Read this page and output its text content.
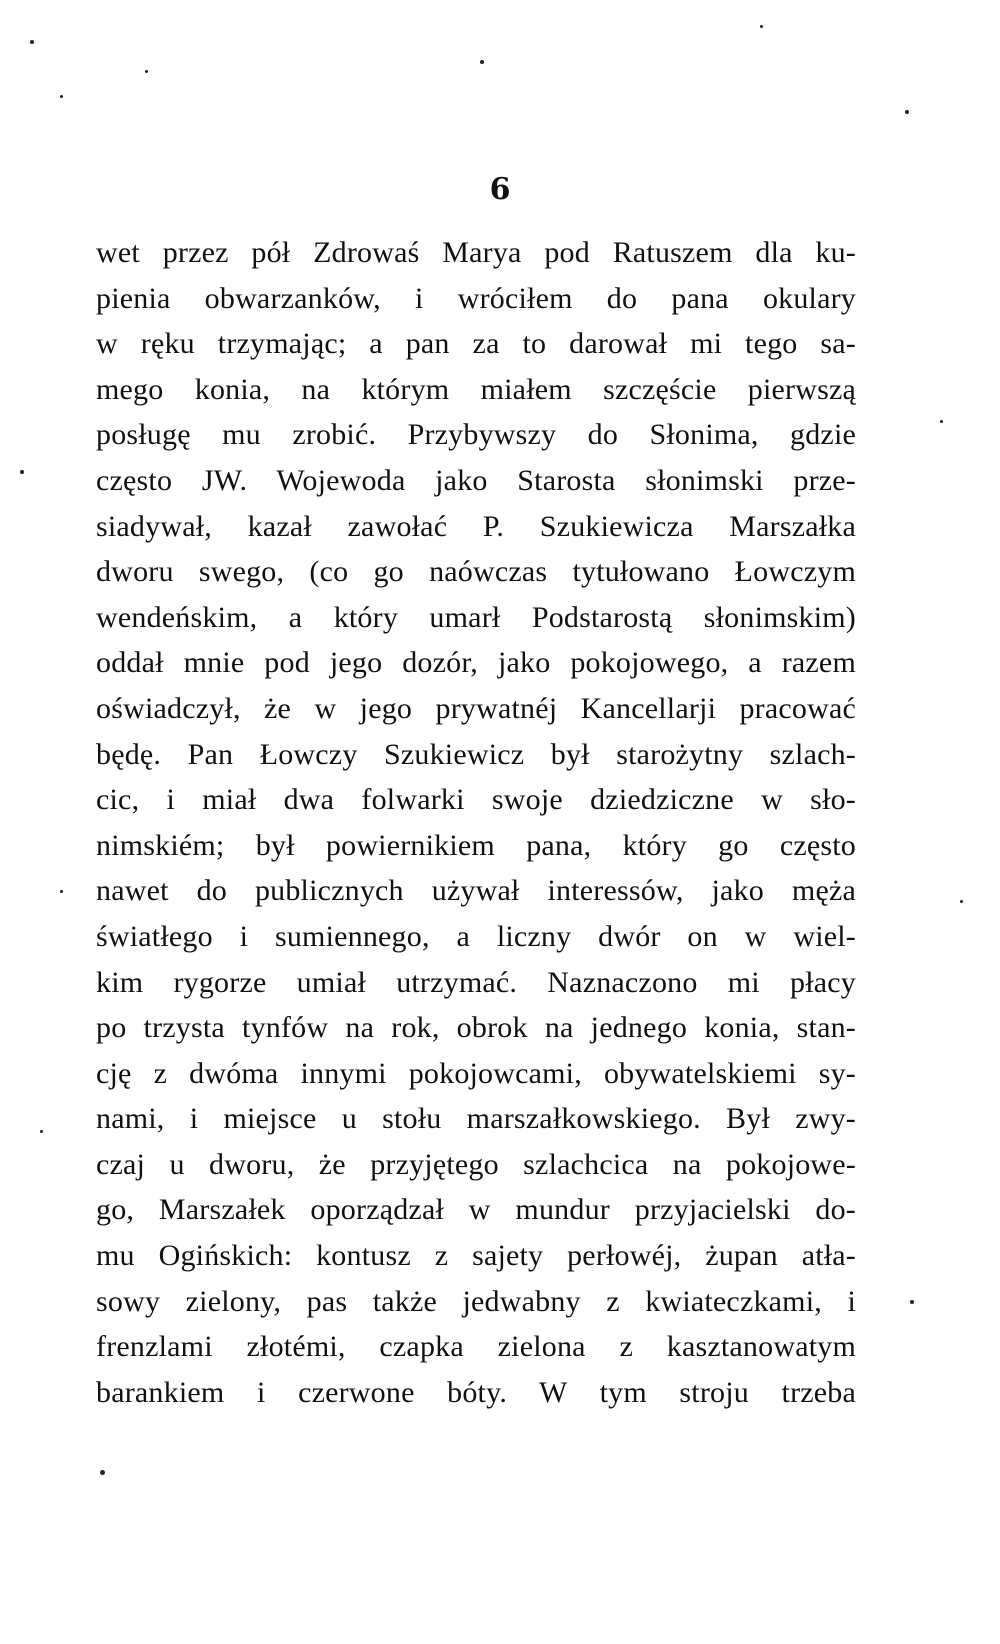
6
wet przez pół Zdrowaś Marya pod Ratuszem dla ku-
pienia obwarzanków, i wróciłem do pana okulary
w ręku trzymając; a pan za to darował mi tego sa-
mego konia, na którym miałem szczęście pierwszą
posługę mu zrobić. Przybywszy do Słonima, gdzie
często JW. Wojewoda jako Starosta słonimski prze-
siadywał, kazał zawołać P. Szukiewicza Marszałka
dworu swego, (co go naówczas tytułowano Łowczym
wendeńskim, a który umarł Podstarostą słonimskim)
oddał mnie pod jego dozór, jako pokojowego, a razem
oświadczył, że w jego prywatnéj Kancellarji pracować
będę. Pan Łowczy Szukiewicz był starożytny szlach-
cic, i miał dwa folwarki swoje dziedziczne w sło-
nimskiém; był powiernikiem pana, który go często
nawet do publicznych używał interessów, jako męża
światłego i sumiennego, a liczny dwór on w wiel-
kim rygorze umiał utrzymać. Naznaczono mi płacy
po trzysta tynfów na rok, obrok na jednego konia, stan-
cję z dwóma innymi pokojowcami, obywatelskiemi sy-
nami, i miejsce u stołu marszałkowskiego. Był zwy-
czaj u dworu, że przyjętego szlachcica na pokojowe-
go, Marszałek oporządzał w mundur przyjacielski do-
mu Ogińskich: kontusz z sajety perłowéj, żupan atła-
sowy zielony, pas także jedwabny z kwiateczkami, i
frenzlami złotémi, czapka zielona z kasztanowatym
barankiem i czerwone bóty. W tym stroju trzeba
